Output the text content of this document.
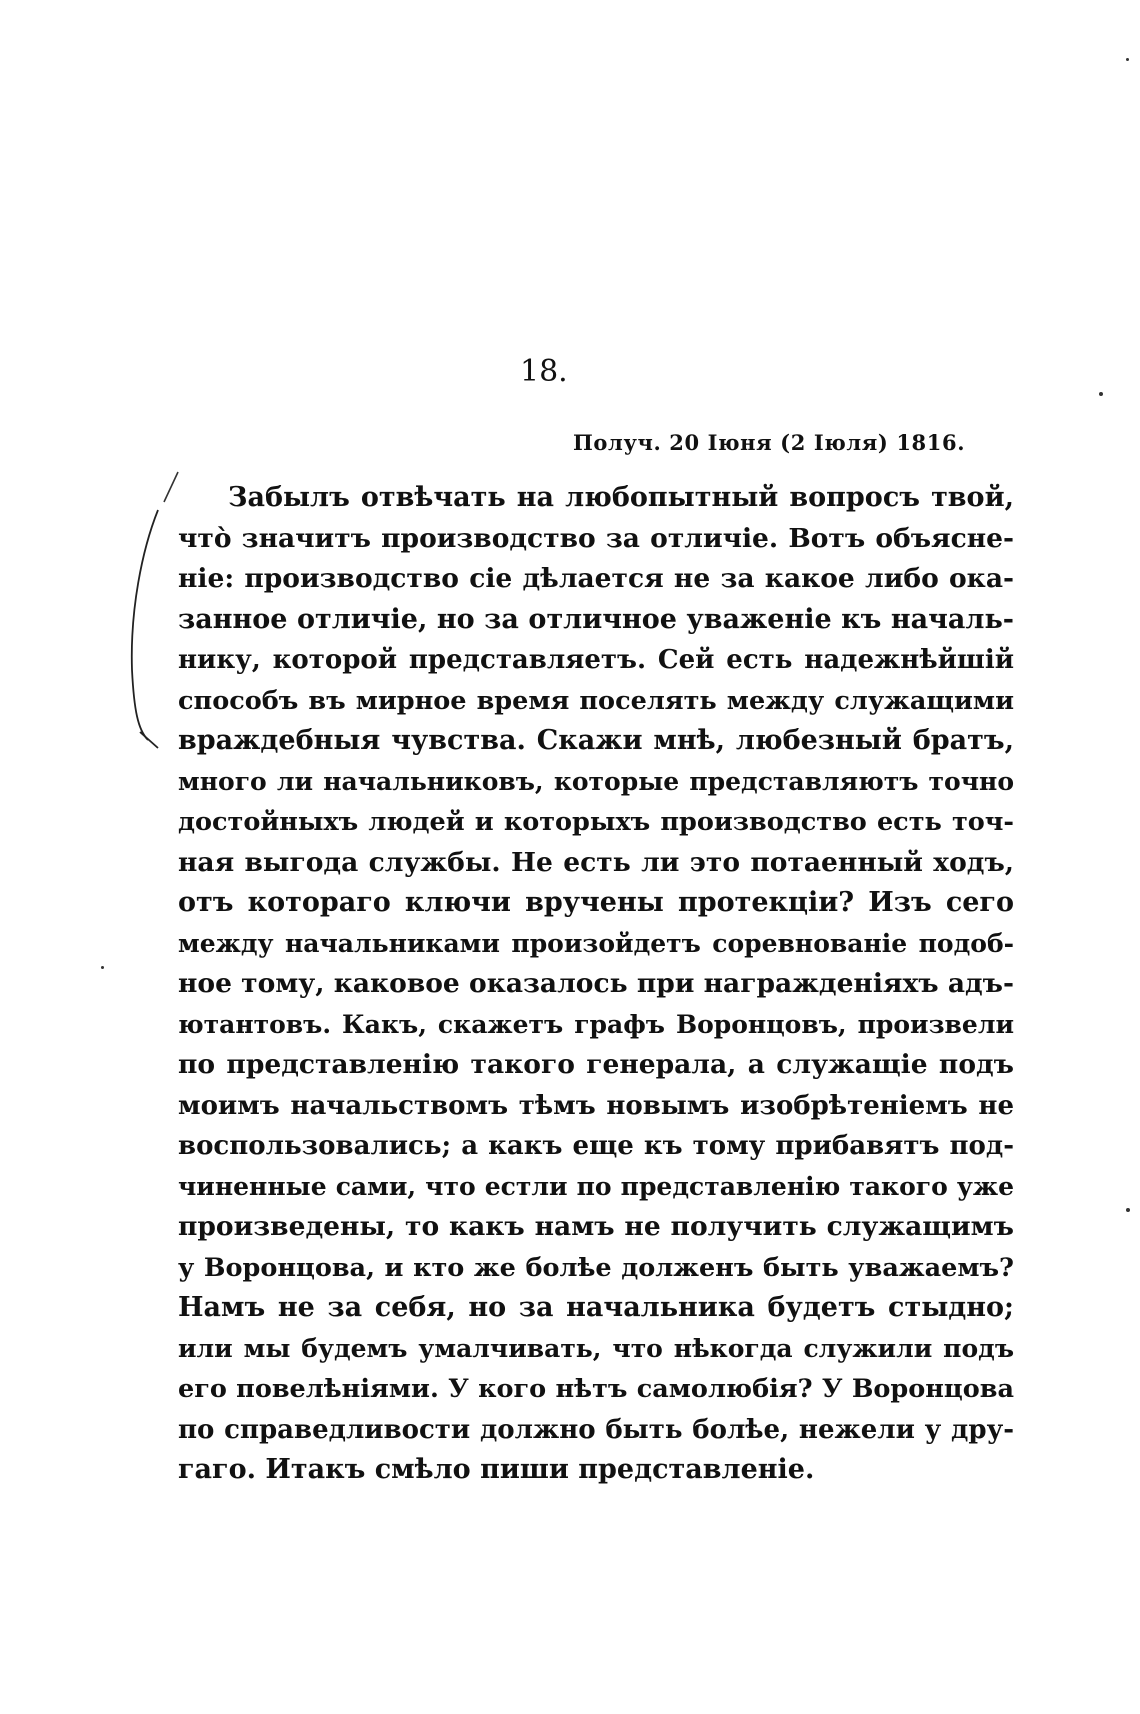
18.

Получ. 20 Іюня (2 Іюля) 1816.

Забылъ отвѣчать на любопытный вопросъ твой,
что̀ значитъ производство за отличіе. Вотъ объясне-
ніе: производство сіе дѣлается не за какое либо ока-
занное отличіе, но за отличное уваженіе къ началь-
нику, которой представляетъ. Сей есть надежнѣйшій
способъ въ мирное время поселять между служащими
враждебныя чувства. Скажи мнѣ, любезный братъ,
много ли начальниковъ, которые представляютъ точно
достойныхъ людей и которыхъ производство есть точ-
ная выгода службы. Не есть ли это потаенный ходъ,
отъ котораго ключи вручены протекціи? Изъ сего
между начальниками произойдетъ соревнованіе подоб-
ное тому, каковое оказалось при награжденіяхъ адъ-
ютантовъ. Какъ, скажетъ графъ Воронцовъ, произвели
по представленію такого генерала, а служащіе подъ
моимъ начальствомъ тѣмъ новымъ изобрѣтеніемъ не
воспользовались; а какъ еще къ тому прибавятъ под-
чиненные сами, что естли по представленію такого уже
произведены, то какъ намъ не получить служащимъ
у Воронцова, и кто же болѣе долженъ быть уважаемъ?
Намъ не за себя, но за начальника будетъ стыдно;
или мы будемъ умалчивать, что нѣкогда служили подъ
его повелѣніями. У кого нѣтъ самолюбія? У Воронцова
по справедливости должно быть болѣе, нежели у дру-
гаго. Итакъ смѣло пиши представленіе.
